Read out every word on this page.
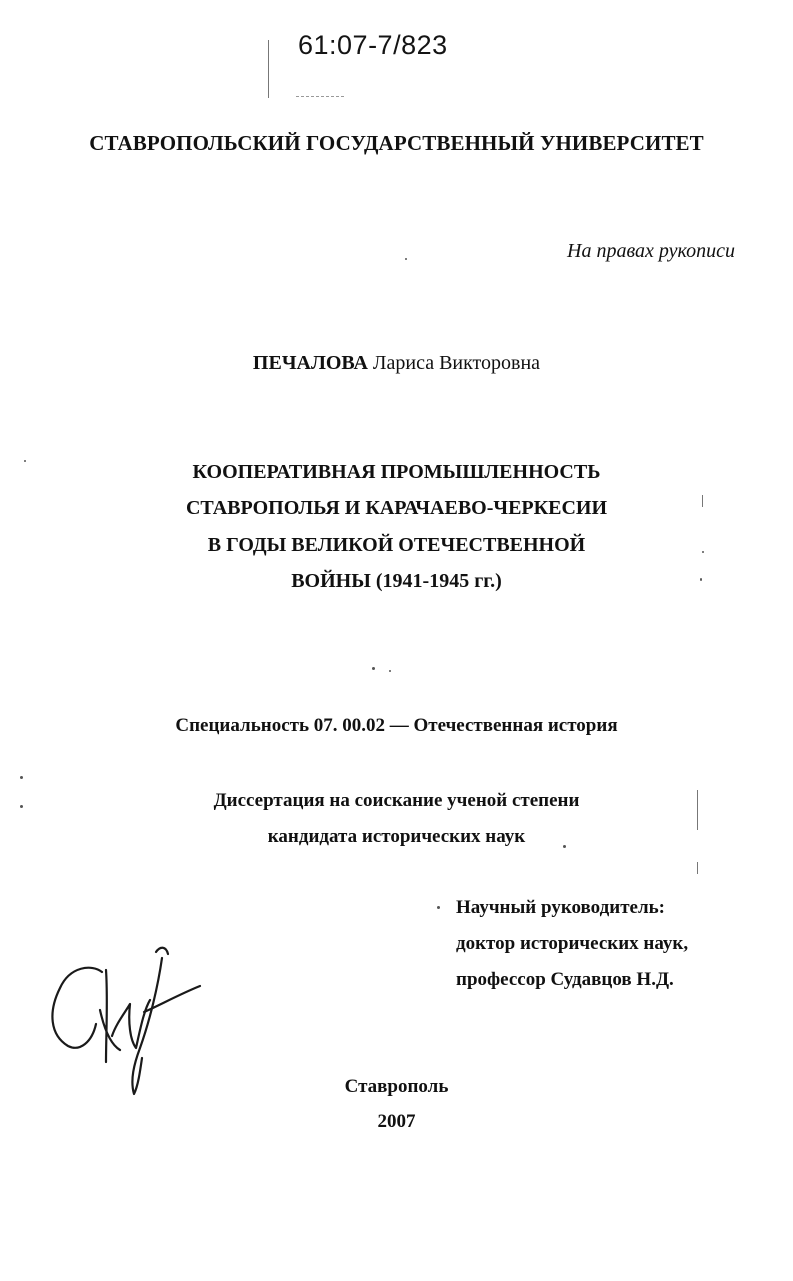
61:07-7/823
СТАВРОПОЛЬСКИЙ ГОСУДАРСТВЕННЫЙ УНИВЕРСИТЕТ
На правах рукописи
ПЕЧАЛОВА Лариса Викторовна
КООПЕРАТИВНАЯ ПРОМЫШЛЕННОСТЬ
СТАВРОПОЛЬЯ И КАРАЧАЕВО-ЧЕРКЕСИИ
В ГОДЫ ВЕЛИКОЙ ОТЕЧЕСТВЕННОЙ
ВОЙНЫ (1941-1945 гг.)
Специальность 07. 00.02 — Отечественная история
Диссертация на соискание ученой степени
кандидата исторических наук
Научный руководитель:
доктор исторических наук,
профессор Судавцов Н.Д.
Ставрополь
2007
